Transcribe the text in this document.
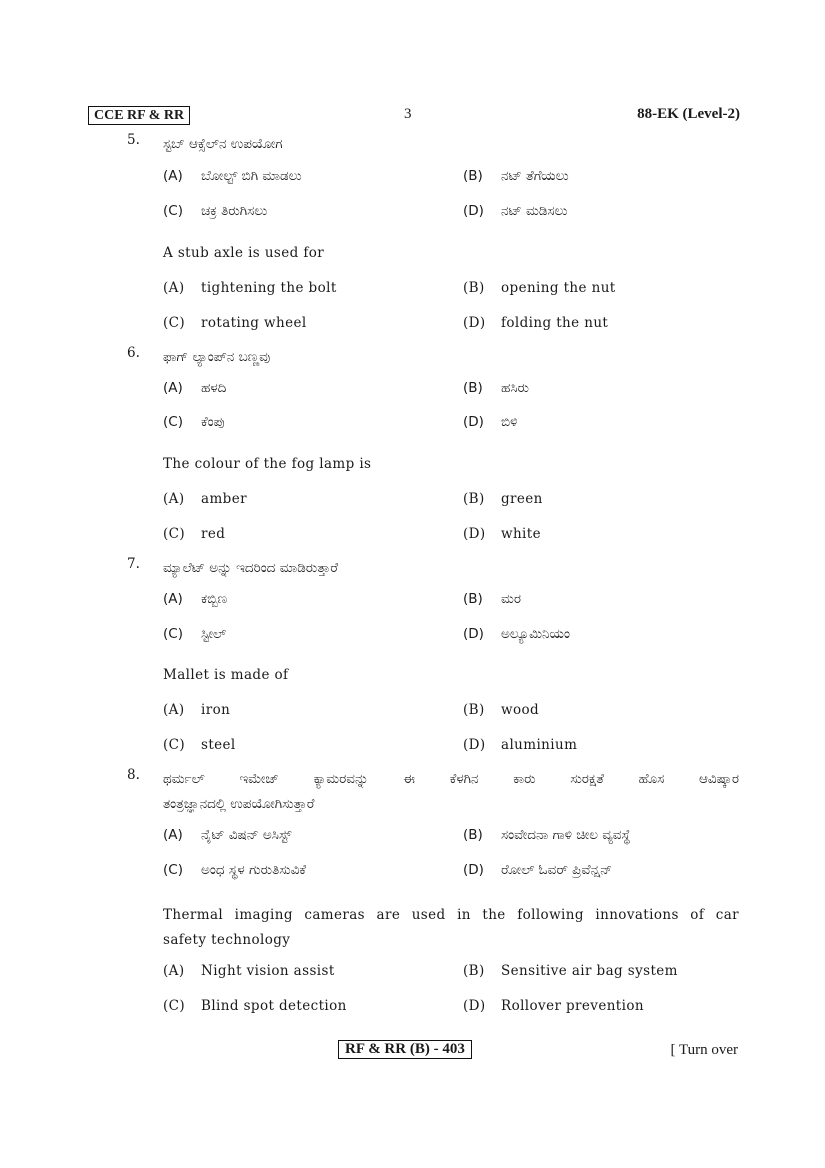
CCE RF & RR	3	88-EK (Level-2)
5. ಸ್ಟಬ್ ಆಕ್ಸೆಲ್‌ನ ಉಪಯೋಗ
(A) ಬೋಲ್ಟ್ ಬಿಗಿ ಮಾಡಲು	(B) ನಟ್ ತೆಗೆಯಲು
(C) ಚಕ್ರ ತಿರುಗಿಸಲು	(D) ನಟ್ ಮಡಿಸಲು
A stub axle is used for
(A) tightening the bolt	(B) opening the nut
(C) rotating wheel	(D) folding the nut
6. ಫಾಗ್ ಲ್ಯಾಂಪ್‌ನ ಬಣ್ಣವು
(A) ಹಳದಿ	(B) ಹಸಿರು
(C) ಕೆಂಪು	(D) ಬಿಳಿ
The colour of the fog lamp is
(A) amber	(B) green
(C) red	(D) white
7. ಮ್ಯಾಲೆಟ್ ಅನ್ನು ಇದರಿಂದ ಮಾಡಿರುತ್ತಾರೆ
(A) ಕಬ್ಬಿಣ	(B) ಮರ
(C) ಸ್ಟೀಲ್	(D) ಅಲ್ಯೂಮಿನಿಯಂ
Mallet is made of
(A) iron	(B) wood
(C) steel	(D) aluminium
8. ಥರ್ಮಲ್ ಇಮೇಜ್ ಕ್ಯಾಮರವನ್ನು ಈ ಕೆಳಗಿನ ಕಾರು ಸುರಕ್ಷತೆ ಹೊಸ ಆವಿಷ್ಕಾರ
ತಂತ್ರಜ್ಞಾನದಲ್ಲಿ ಉಪಯೋಗಿಸುತ್ತಾರೆ
(A) ನೈಟ್ ವಿಷನ್ ಅಸಿಸ್ಟ್	(B) ಸಂವೇದನಾ ಗಾಳಿ ಚೀಲ ವ್ಯವಸ್ಥೆ
(C) ಅಂಧ ಸ್ಥಳ ಗುರುತಿಸುವಿಕೆ	(D) ರೋಲ್ ಓವರ್ ಪ್ರಿವೆನ್ಷನ್
Thermal imaging cameras are used in the following innovations of car
safety technology
(A) Night vision assist	(B) Sensitive air bag system
(C) Blind spot detection	(D) Rollover prevention
RF & RR (B) - 403	[ Turn over
